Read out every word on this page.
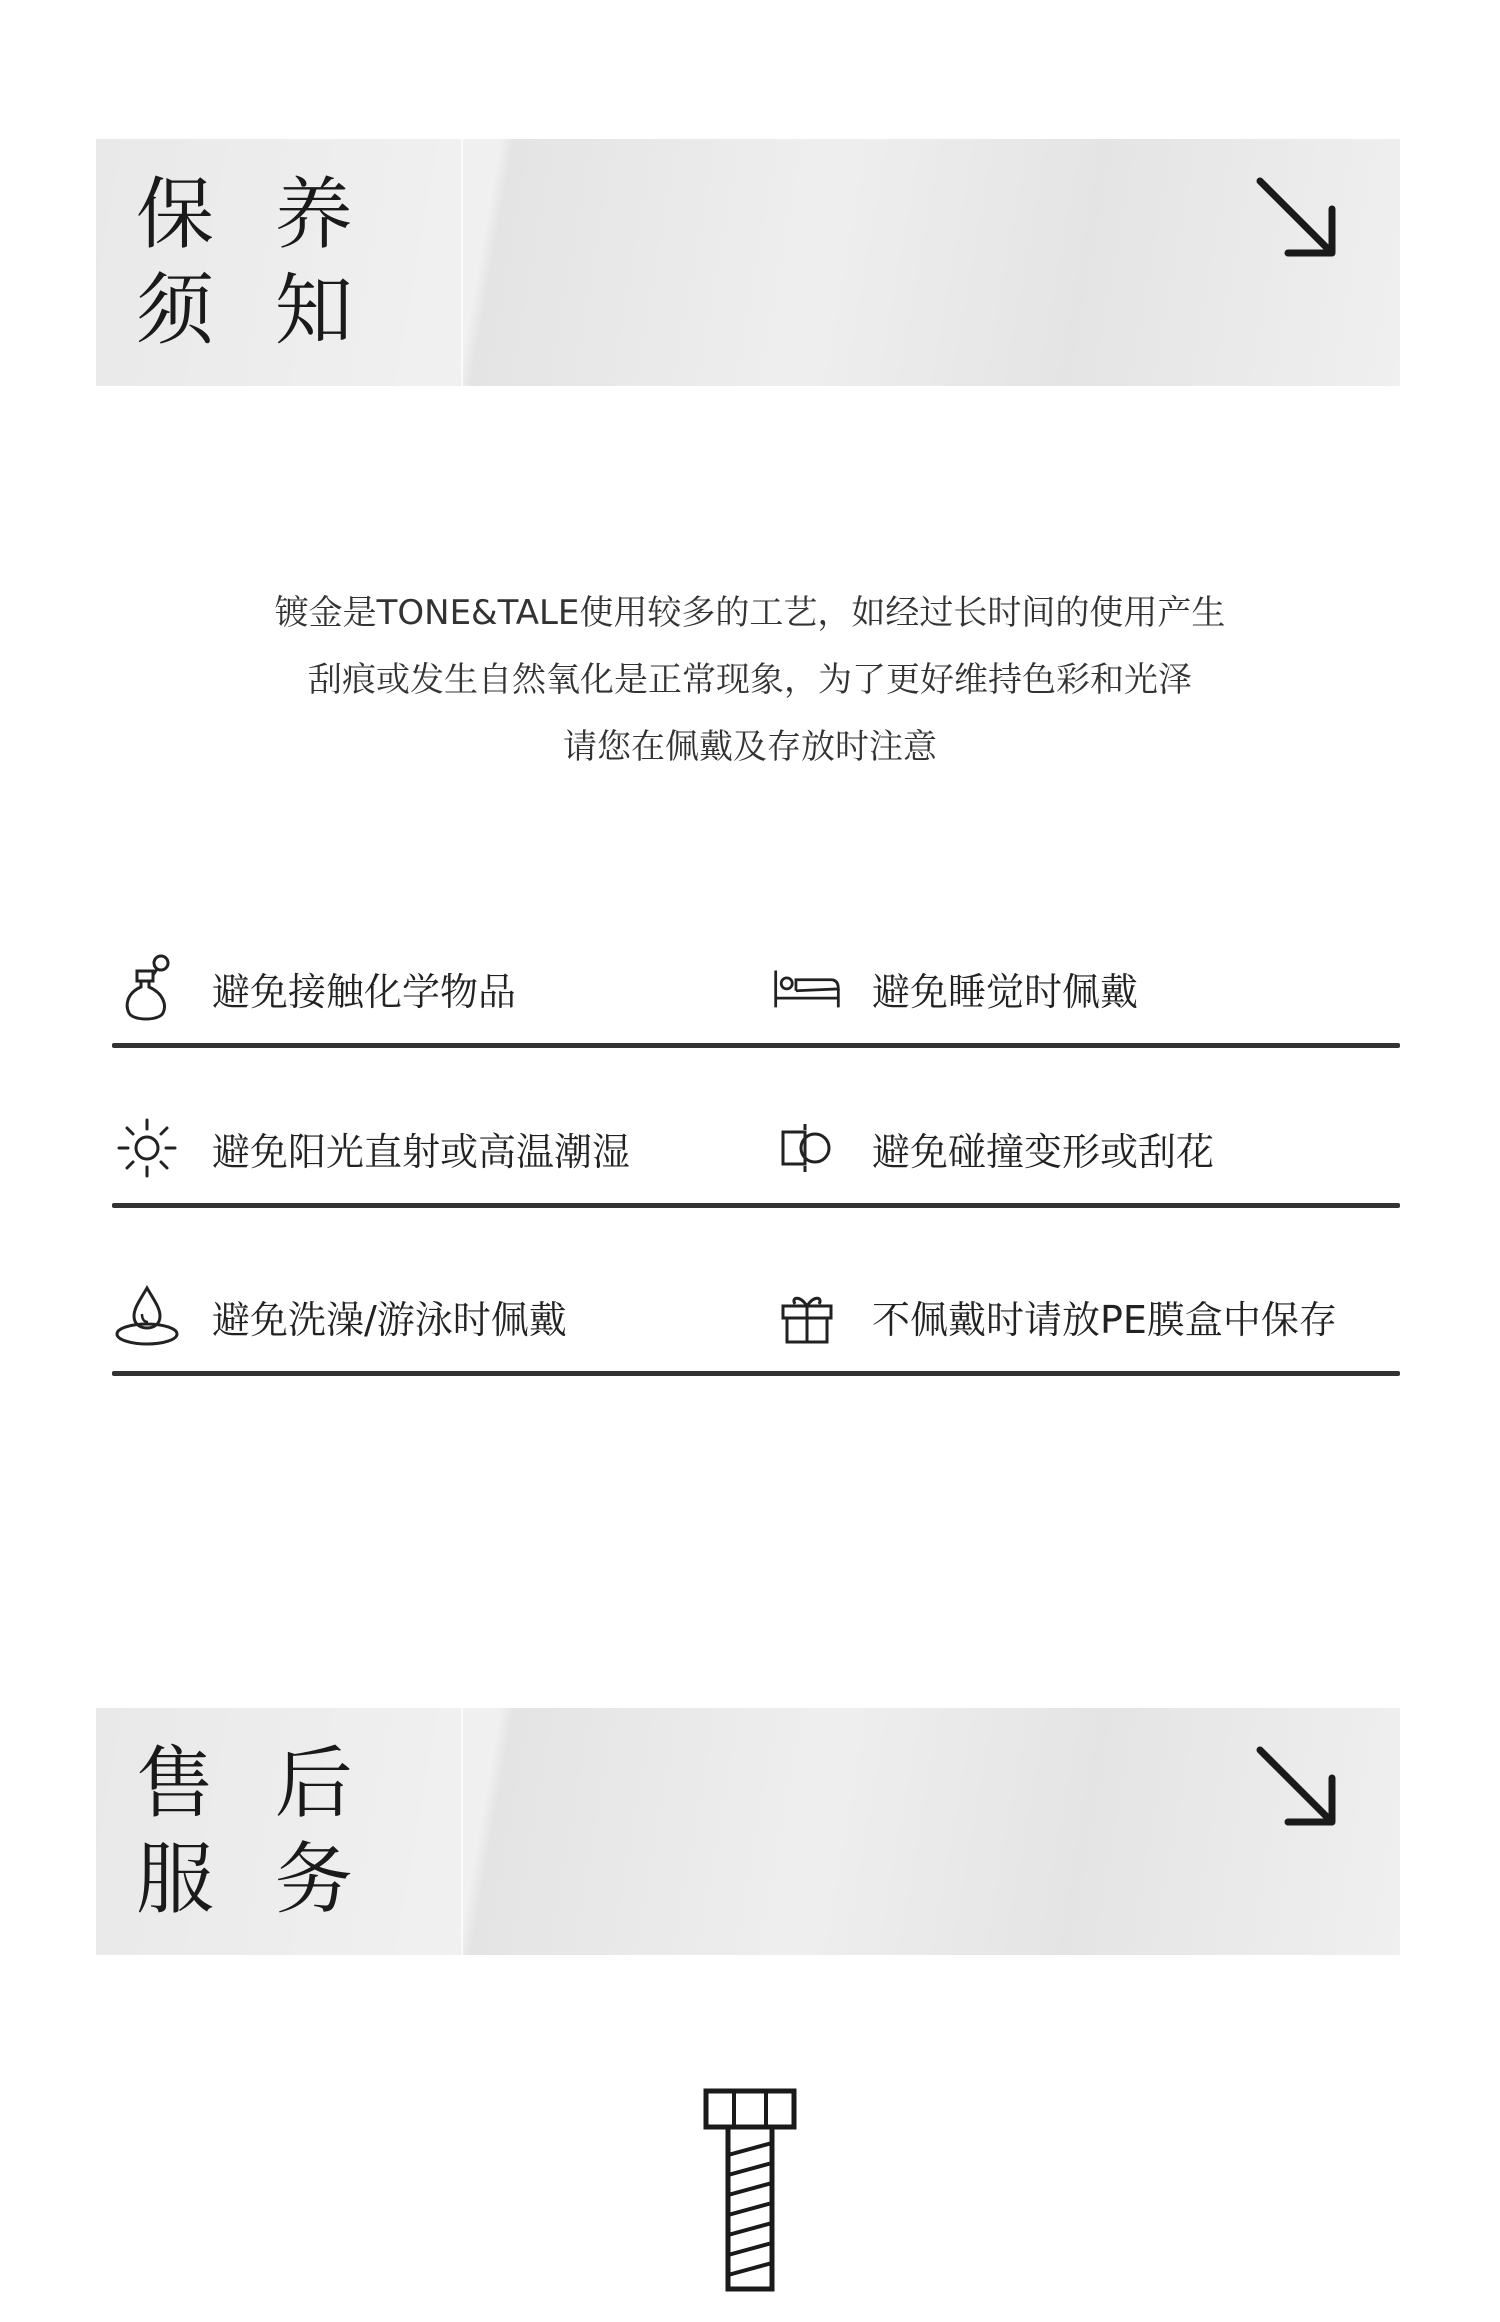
保 养
须 知

镀金是TONE&TALE使用较多的工艺，如经过长时间的使用产生

刮痕或发生自然氧化是正常现象，为了更好维持色彩和光泽

请您在佩戴及存放时注意

避免接触化学物品	避免睡觉时佩戴
避免阳光直射或高温潮湿	避免碰撞变形或刮花
避免洗澡/游泳时佩戴	不佩戴时请放PE膜盒中保存
售 后
服 务
